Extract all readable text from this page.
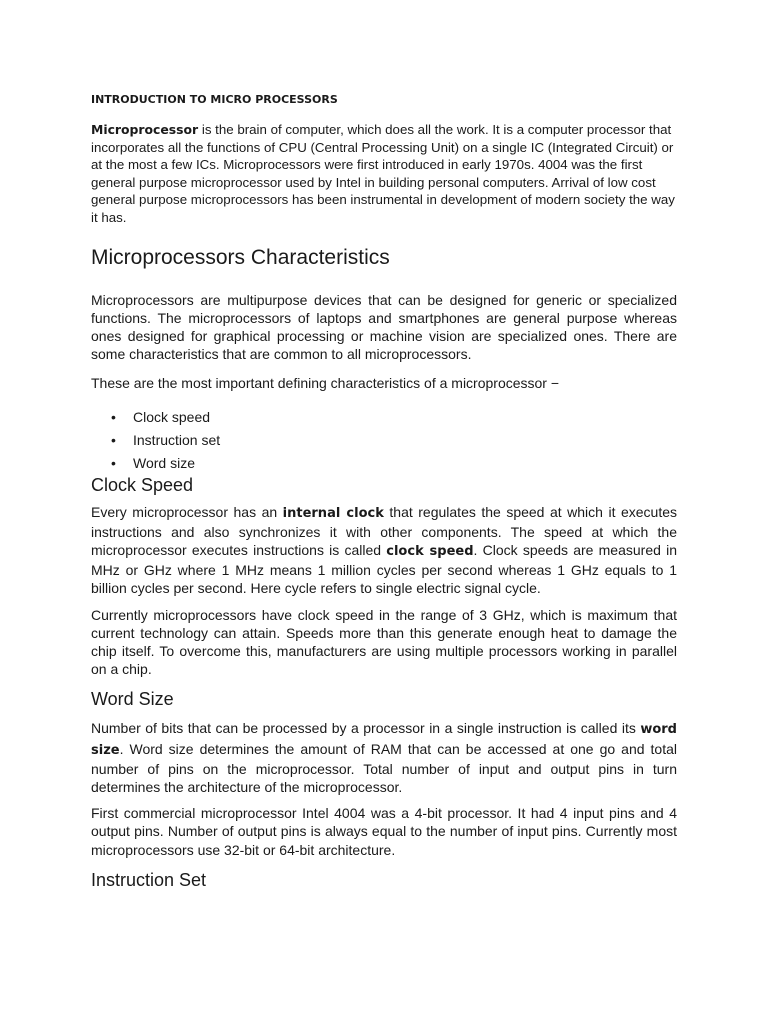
INTRODUCTION TO MICRO PROCESSORS

Microprocessor is the brain of computer, which does all the work. It is a computer processor that incorporates all the functions of CPU (Central Processing Unit) on a single IC (Integrated Circuit) or at the most a few ICs. Microprocessors were first introduced in early 1970s. 4004 was the first general purpose microprocessor used by Intel in building personal computers. Arrival of low cost general purpose microprocessors has been instrumental in development of modern society the way it has.

Microprocessors Characteristics

Microprocessors are multipurpose devices that can be designed for generic or specialized functions. The microprocessors of laptops and smartphones are general purpose whereas ones designed for graphical processing or machine vision are specialized ones. There are some characteristics that are common to all microprocessors.

These are the most important defining characteristics of a microprocessor −

• Clock speed
• Instruction set
• Word size
Clock Speed

Every microprocessor has an internal clock that regulates the speed at which it executes instructions and also synchronizes it with other components. The speed at which the microprocessor executes instructions is called clock speed. Clock speeds are measured in MHz or GHz where 1 MHz means 1 million cycles per second whereas 1 GHz equals to 1 billion cycles per second. Here cycle refers to single electric signal cycle.

Currently microprocessors have clock speed in the range of 3 GHz, which is maximum that current technology can attain. Speeds more than this generate enough heat to damage the chip itself. To overcome this, manufacturers are using multiple processors working in parallel on a chip.

Word Size

Number of bits that can be processed by a processor in a single instruction is called its word size. Word size determines the amount of RAM that can be accessed at one go and total number of pins on the microprocessor. Total number of input and output pins in turn determines the architecture of the microprocessor.

First commercial microprocessor Intel 4004 was a 4-bit processor. It had 4 input pins and 4 output pins. Number of output pins is always equal to the number of input pins. Currently most microprocessors use 32-bit or 64-bit architecture.

Instruction Set
